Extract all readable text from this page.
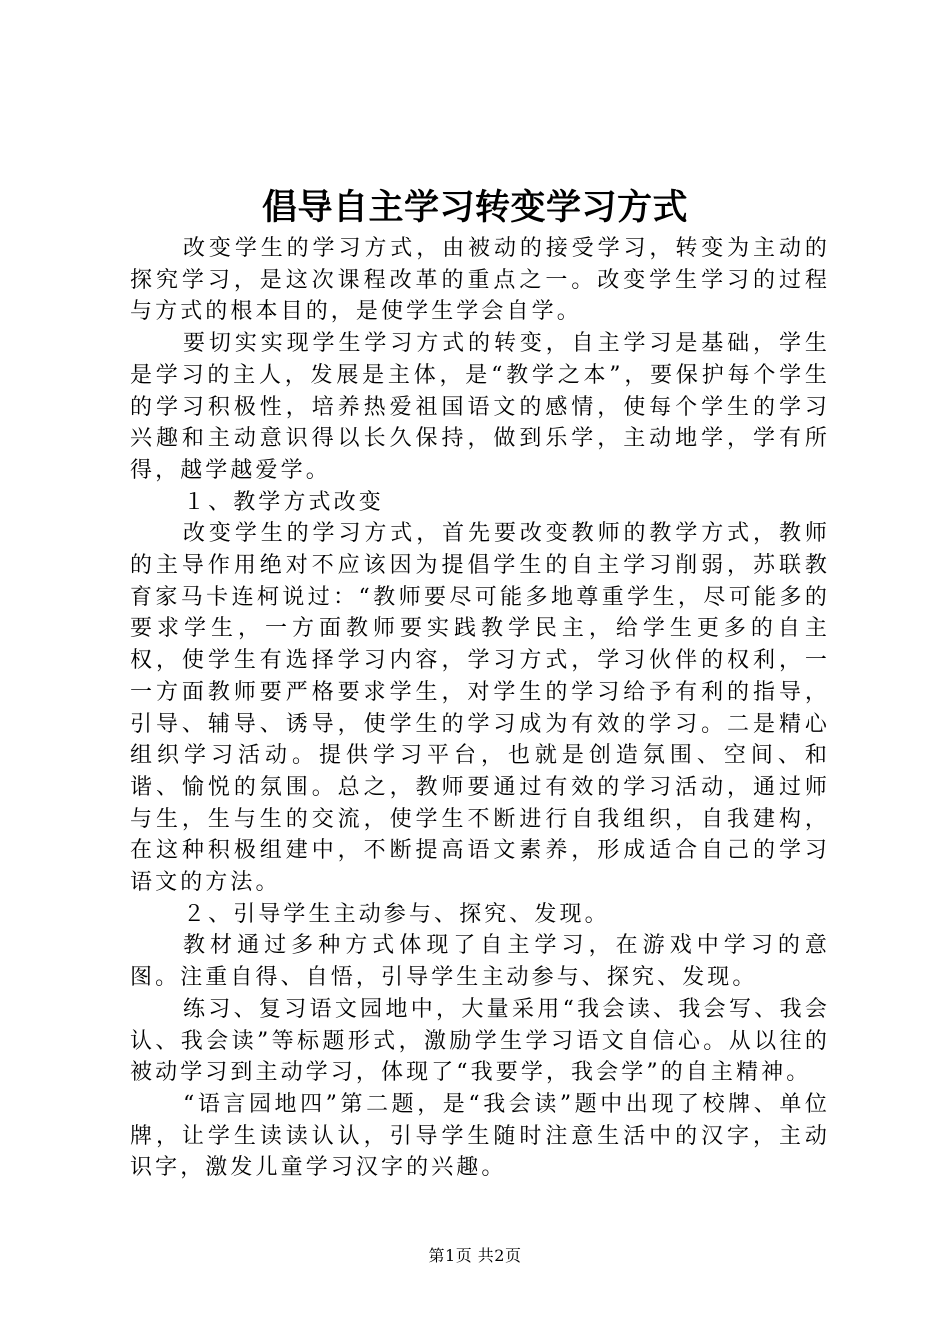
倡导自主学习转变学习方式

改变学生的学习方式，由被动的接受学习，转变为主动的探究学习，是这次课程改革的重点之一。改变学生学习的过程与方式的根本目的，是使学生学会自学。

要切实实现学生学习方式的转变，自主学习是基础，学生是学习的主人，发展是主体，是“教学之本”，要保护每个学生的学习积极性，培养热爱祖国语文的感情，使每个学生的学习兴趣和主动意识得以长久保持，做到乐学，主动地学，学有所得，越学越爱学。

１、教学方式改变

改变学生的学习方式，首先要改变教师的教学方式，教师的主导作用绝对不应该因为提倡学生的自主学习削弱，苏联教育家马卡连柯说过：“教师要尽可能多地尊重学生，尽可能多的要求学生，一方面教师要实践教学民主，给学生更多的自主权，使学生有选择学习内容，学习方式，学习伙伴的权利，一一方面教师要严格要求学生，对学生的学习给予有利的指导，引导、辅导、诱导，使学生的学习成为有效的学习。二是精心组织学习活动。提供学习平台，也就是创造氛围、空间、和谐、愉悦的氛围。总之，教师要通过有效的学习活动，通过师与生，生与生的交流，使学生不断进行自我组织，自我建构，在这种积极组建中，不断提高语文素养，形成适合自己的学习语文的方法。

２、引导学生主动参与、探究、发现。

教材通过多种方式体现了自主学习，在游戏中学习的意图。注重自得、自悟，引导学生主动参与、探究、发现。

练习、复习语文园地中，大量采用“我会读、我会写、我会认、我会读”等标题形式，激励学生学习语文自信心。从以往的被动学习到主动学习，体现了“我要学，我会学”的自主精神。

“语言园地四”第二题，是“我会读”题中出现了校牌、单位牌，让学生读读认认，引导学生随时注意生活中的汉字，主动识字，激发儿童学习汉字的兴趣。

第1页 共2页
